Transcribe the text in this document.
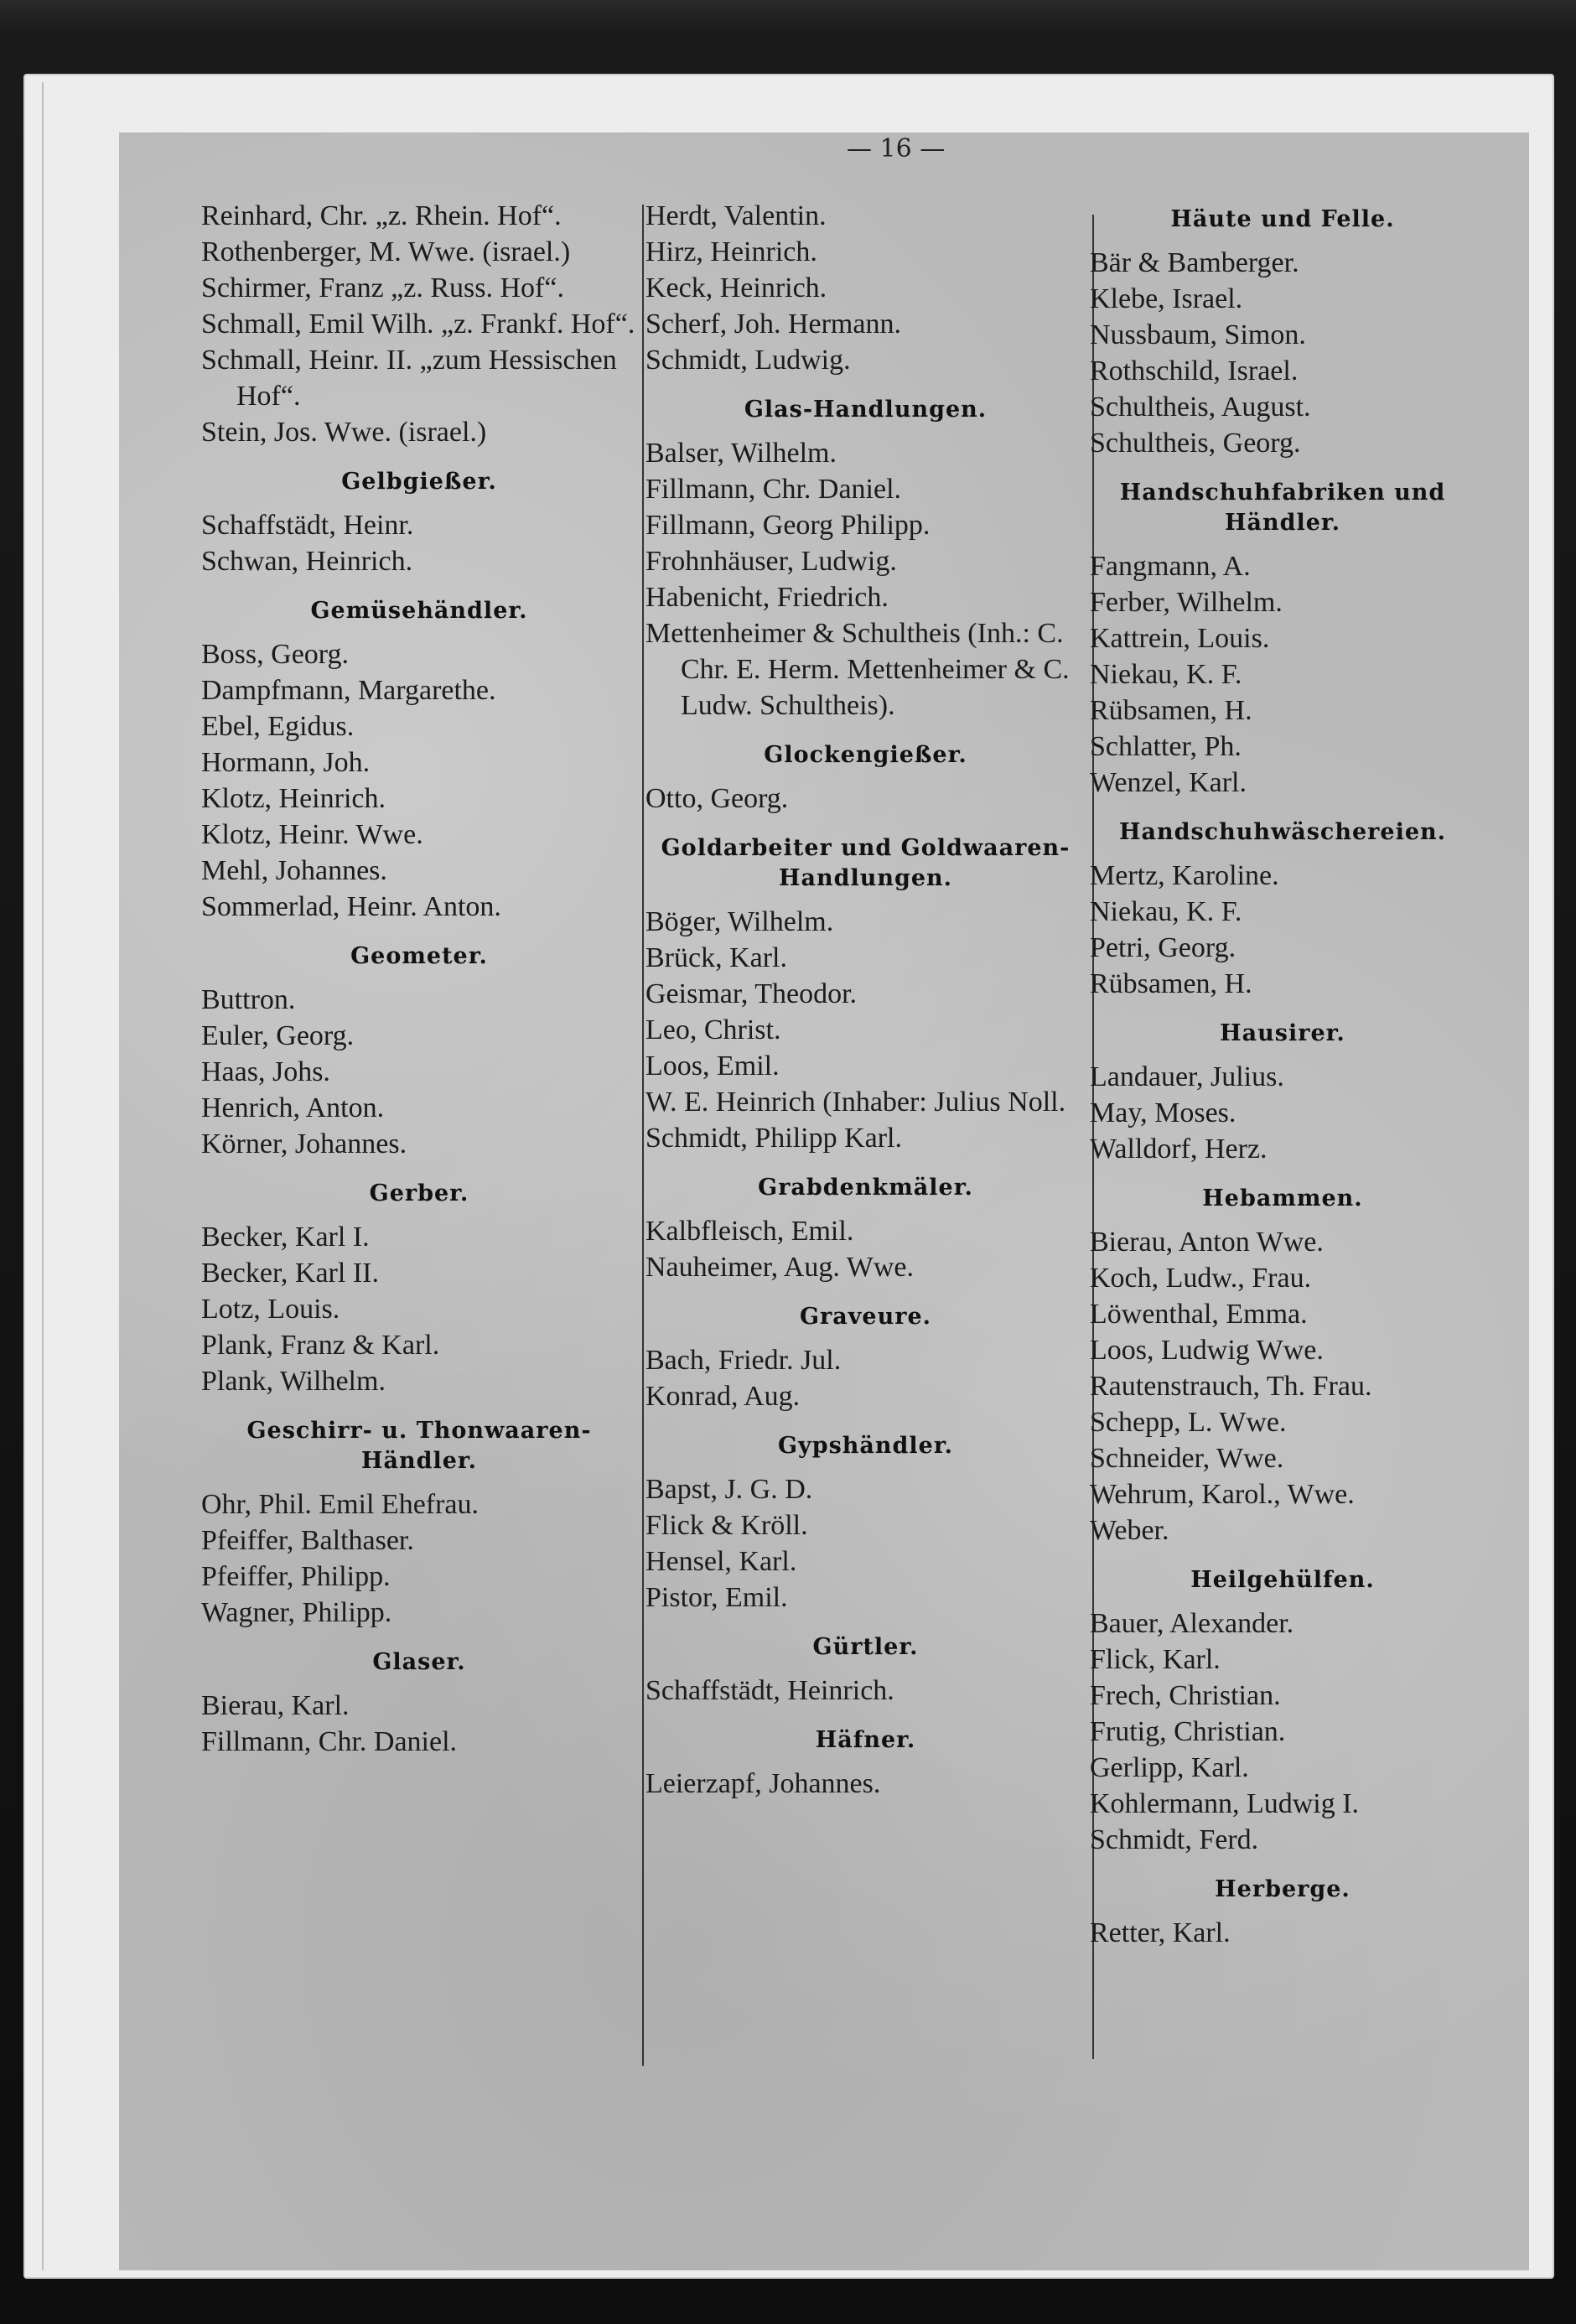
— 16 —
Reinhard, Chr. „z. Rhein. Hof“.
Rothenberger, M. Wwe. (israel.)
Schirmer, Franz „z. Russ. Hof“.
Schmall, Emil Wilh. „z. Frankf. Hof“.
Schmall, Heinr. II. „zum Hessischen Hof“.
Stein, Jos. Wwe. (israel.)
Gelbgießer.
Schaffstädt, Heinr.
Schwan, Heinrich.
Gemüsehändler.
Boss, Georg.
Dampfmann, Margarethe.
Ebel, Egidus.
Hormann, Joh.
Klotz, Heinrich.
Klotz, Heinr. Wwe.
Mehl, Johannes.
Sommerlad, Heinr. Anton.
Geometer.
Buttron.
Euler, Georg.
Haas, Johs.
Henrich, Anton.
Körner, Johannes.
Gerber.
Becker, Karl I.
Becker, Karl II.
Lotz, Louis.
Plank, Franz & Karl.
Plank, Wilhelm.
Geschirr- u. Thonwaaren-Händler.
Ohr, Phil. Emil Ehefrau.
Pfeiffer, Balthaser.
Pfeiffer, Philipp.
Wagner, Philipp.
Glaser.
Bierau, Karl.
Fillmann, Chr. Daniel.
Herdt, Valentin.
Hirz, Heinrich.
Keck, Heinrich.
Scherf, Joh. Hermann.
Schmidt, Ludwig.
Glas-Handlungen.
Balser, Wilhelm.
Fillmann, Chr. Daniel.
Fillmann, Georg Philipp.
Frohnhäuser, Ludwig.
Habenicht, Friedrich.
Mettenheimer & Schultheis (Inh.: C. Chr. E. Herm. Mettenheimer & C. Ludw. Schultheis).
Glockengießer.
Otto, Georg.
Goldarbeiter und Goldwaaren-Handlungen.
Böger, Wilhelm.
Brück, Karl.
Geismar, Theodor.
Leo, Christ.
Loos, Emil.
W. E. Heinrich (Inhaber: Julius Noll.
Schmidt, Philipp Karl.
Grabdenkmäler.
Kalbfleisch, Emil.
Nauheimer, Aug. Wwe.
Graveure.
Bach, Friedr. Jul.
Konrad, Aug.
Gypshändler.
Bapst, J. G. D.
Flick & Kröll.
Hensel, Karl.
Pistor, Emil.
Gürtler.
Schaffstädt, Heinrich.
Häfner.
Leierzapf, Johannes.
Häute und Felle.
Bär & Bamberger.
Klebe, Israel.
Nussbaum, Simon.
Rothschild, Israel.
Schultheis, August.
Schultheis, Georg.
Handschuhfabriken und Händler.
Fangmann, A.
Ferber, Wilhelm.
Kattrein, Louis.
Niekau, K. F.
Rübsamen, H.
Schlatter, Ph.
Wenzel, Karl.
Handschuhwäschereien.
Mertz, Karoline.
Niekau, K. F.
Petri, Georg.
Rübsamen, H.
Hausirer.
Landauer, Julius.
May, Moses.
Walldorf, Herz.
Hebammen.
Bierau, Anton Wwe.
Koch, Ludw., Frau.
Löwenthal, Emma.
Loos, Ludwig Wwe.
Rautenstrauch, Th. Frau.
Schepp, L. Wwe.
Schneider, Wwe.
Wehrum, Karol., Wwe.
Weber.
Heilgehülfen.
Bauer, Alexander.
Flick, Karl.
Frech, Christian.
Frutig, Christian.
Gerlipp, Karl.
Kohlermann, Ludwig I.
Schmidt, Ferd.
Herberge.
Retter, Karl.
